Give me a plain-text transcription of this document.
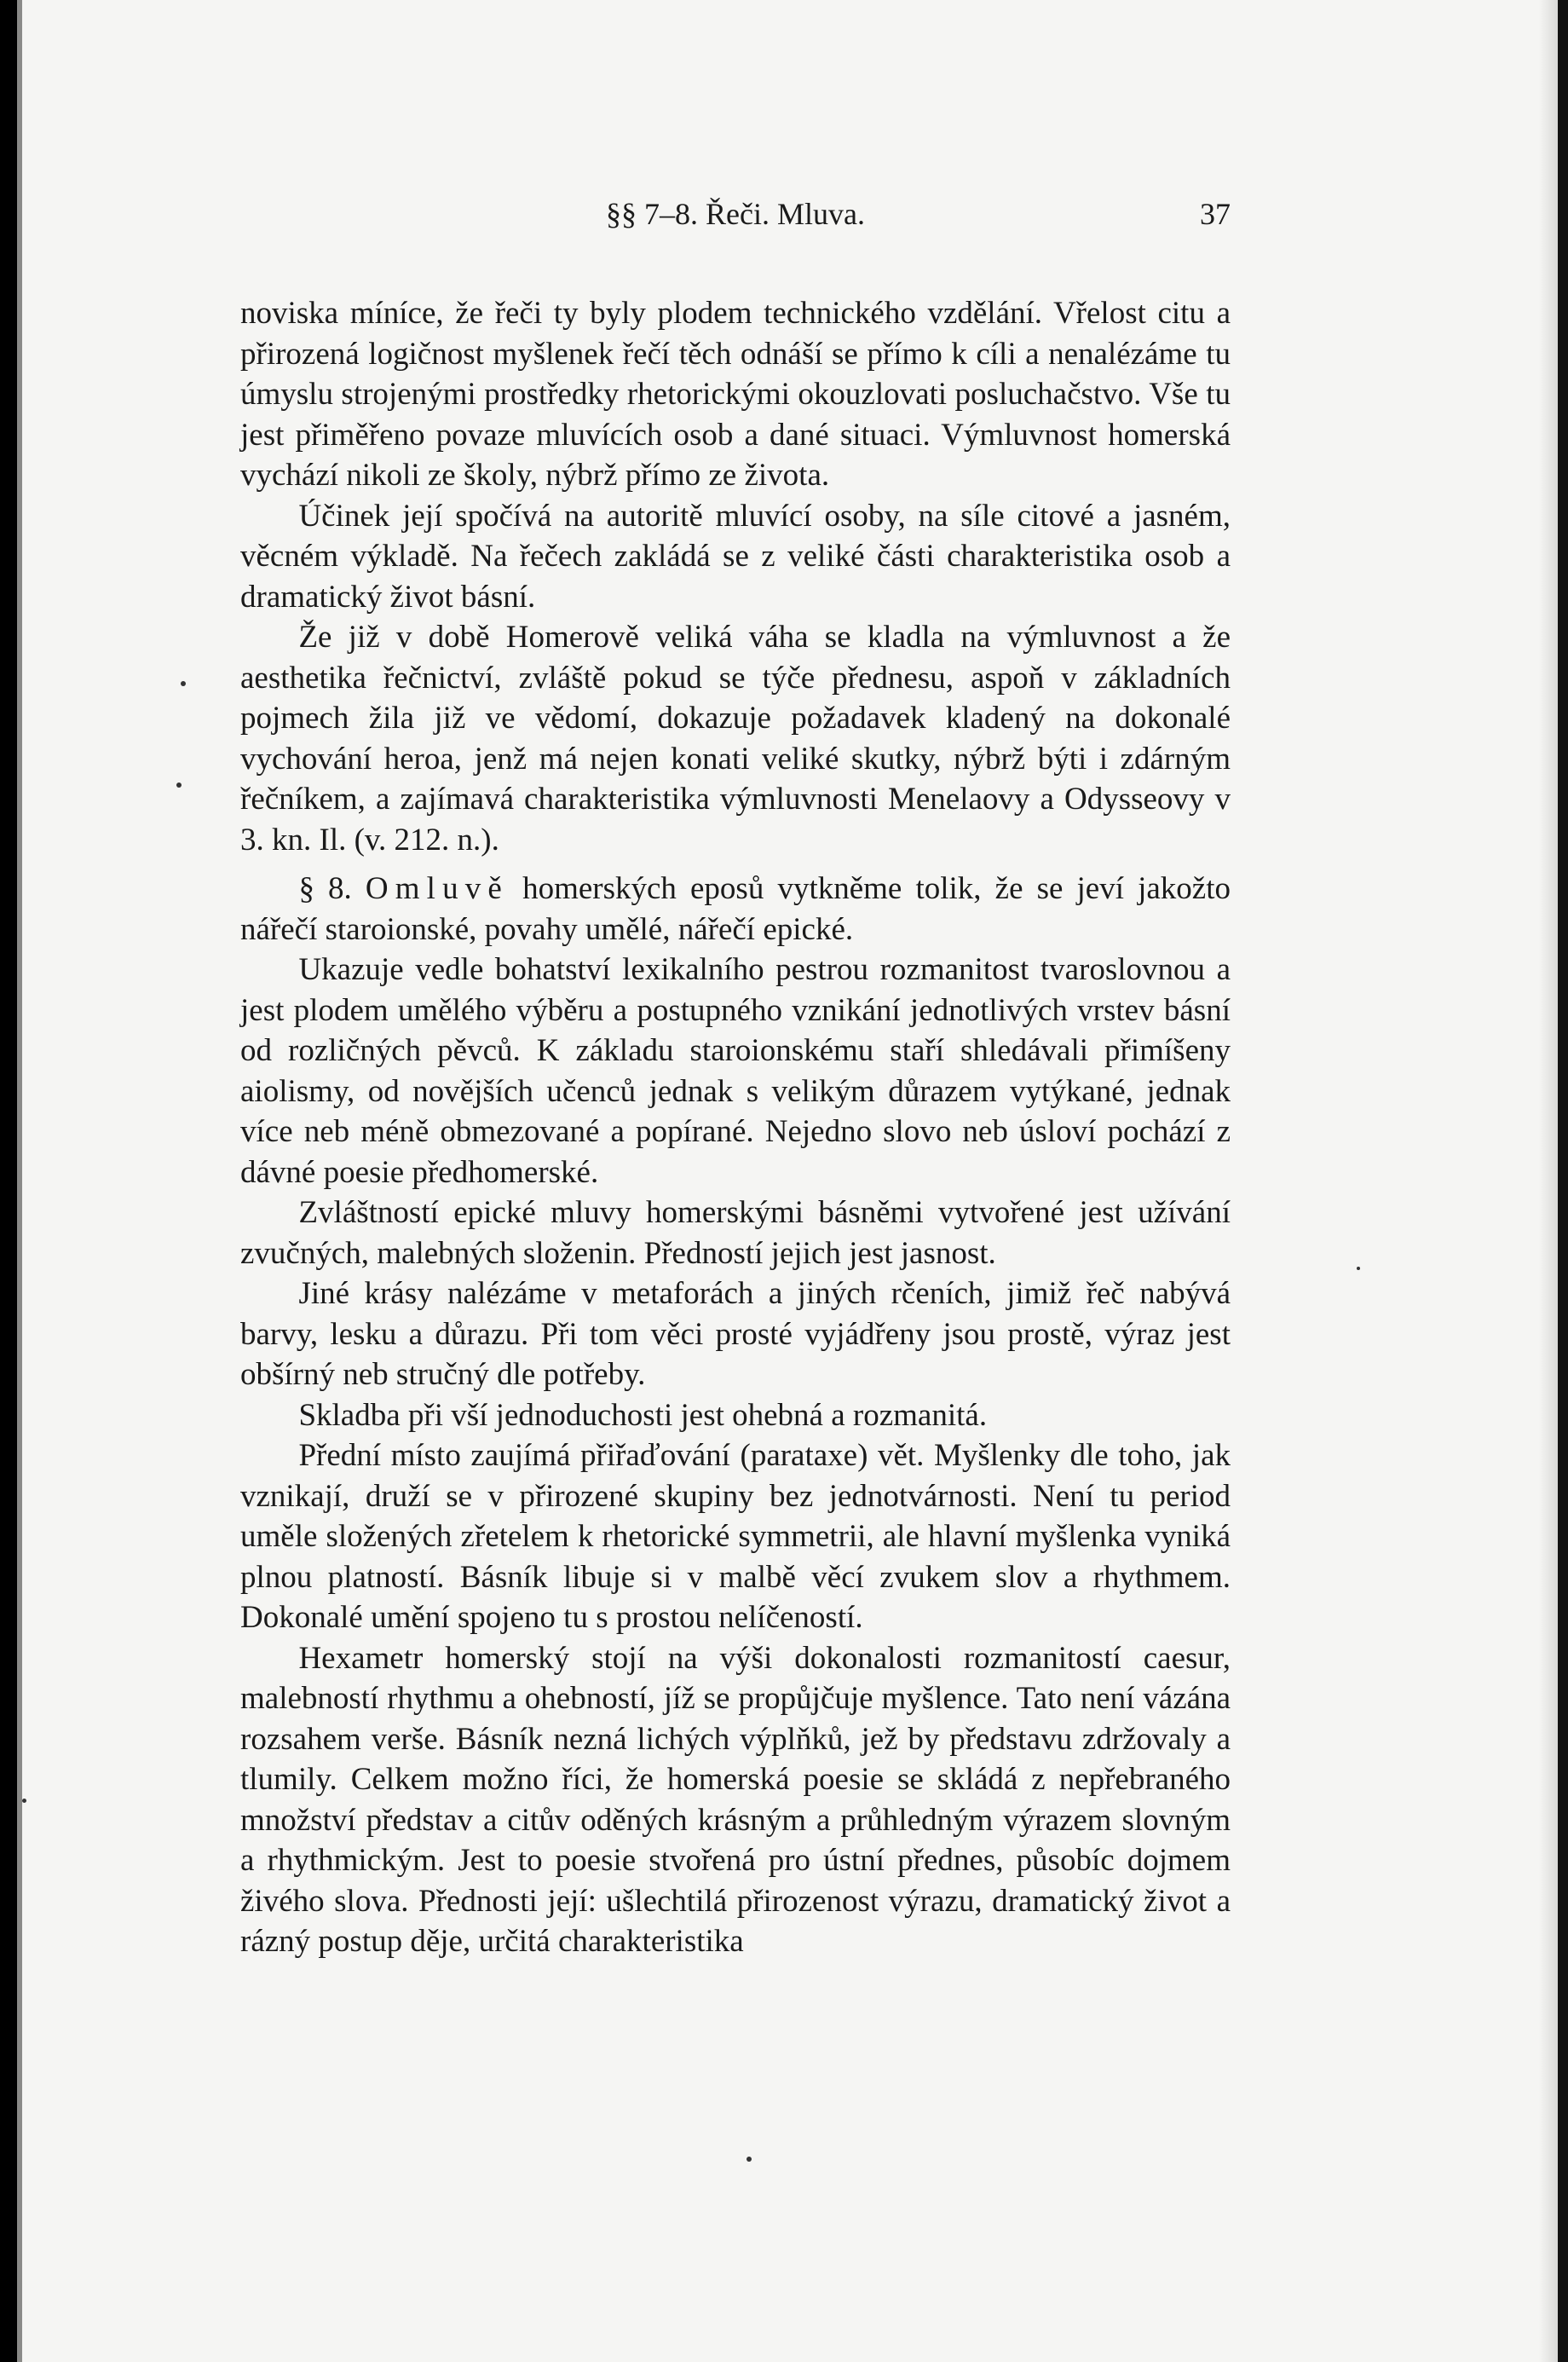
§§ 7–8. Řeči. Mluva.	37

noviska míníce, že řeči ty byly plodem technického vzdělání. Vřelost citu a přirozená logičnost myšlenek řečí těch odnáší se přímo k cíli a nenalézáme tu úmyslu strojenými prostředky rhetorickými okouzlovati posluchačstvo. Vše tu jest přiměřeno povaze mluvících osob a dané situaci. Výmluvnost homerská vychází nikoli ze školy, nýbrž přímo ze života.

Účinek její spočívá na autoritě mluvící osoby, na síle citové a jasném, věcném výkladě. Na řečech zakládá se z veliké části charakteristika osob a dramatický život básní.

Že již v době Homerově veliká váha se kladla na výmluvnost a že aesthetika řečnictví, zvláště pokud se týče přednesu, aspoň v základních pojmech žila již ve vědomí, dokazuje požadavek kladený na dokonalé vychování heroa, jenž má nejen konati veliké skutky, nýbrž býti i zdárným řečníkem, a zajímavá charakteristika výmluvnosti Menelaovy a Odysseovy v 3. kn. Il. (v. 212. n.).

§ 8. Omluvě homerských eposů vytkněme tolik, že se jeví jakožto nářečí staroionské, povahy umělé, nářečí epické.

Ukazuje vedle bohatství lexikalního pestrou rozmanitost tvaroslovnou a jest plodem umělého výběru a postupného vznikání jednotlivých vrstev básní od rozličných pěvců. K základu staroionskému staří shledávali přimíšeny aiolismy, od novějších učenců jednak s velikým důrazem vytýkané, jednak více neb méně obmezované a popírané. Nejedno slovo neb úsloví pochází z dávné poesie předhomerské.

Zvláštností epické mluvy homerskými básněmi vytvořené jest užívání zvučných, malebných složenin. Předností jejich jest jasnost.

Jiné krásy nalézáme v metaforách a jiných rčeních, jimiž řeč nabývá barvy, lesku a důrazu. Při tom věci prosté vyjádřeny jsou prostě, výraz jest obšírný neb stručný dle potřeby.

Skladba při vší jednoduchosti jest ohebná a rozmanitá.

Přední místo zaujímá přiřaďování (parataxe) vět. Myšlenky dle toho, jak vznikají, druží se v přirozené skupiny bez jednotvárnosti. Není tu period uměle složených zřetelem k rhetorické symmetrii, ale hlavní myšlenka vyniká plnou platností. Básník libuje si v malbě věcí zvukem slov a rhythmem. Dokonalé umění spojeno tu s prostou nelíčeností.

Hexametr homerský stojí na výši dokonalosti rozmanitostí caesur, malebností rhythmu a ohebností, jíž se propůjčuje myšlence. Tato není vázána rozsahem verše. Básník nezná lichých výplňků, jež by představu zdržovaly a tlumily. Celkem možno říci, že homerská poesie se skládá z nepřebraného množství představ a citův oděných krásným a průhledným výrazem slovným a rhythmickým. Jest to poesie stvořená pro ústní přednes, působíc dojmem živého slova. Přednosti její: ušlechtilá přirozenost výrazu, dramatický život a rázný postup děje, určitá charakteristika
